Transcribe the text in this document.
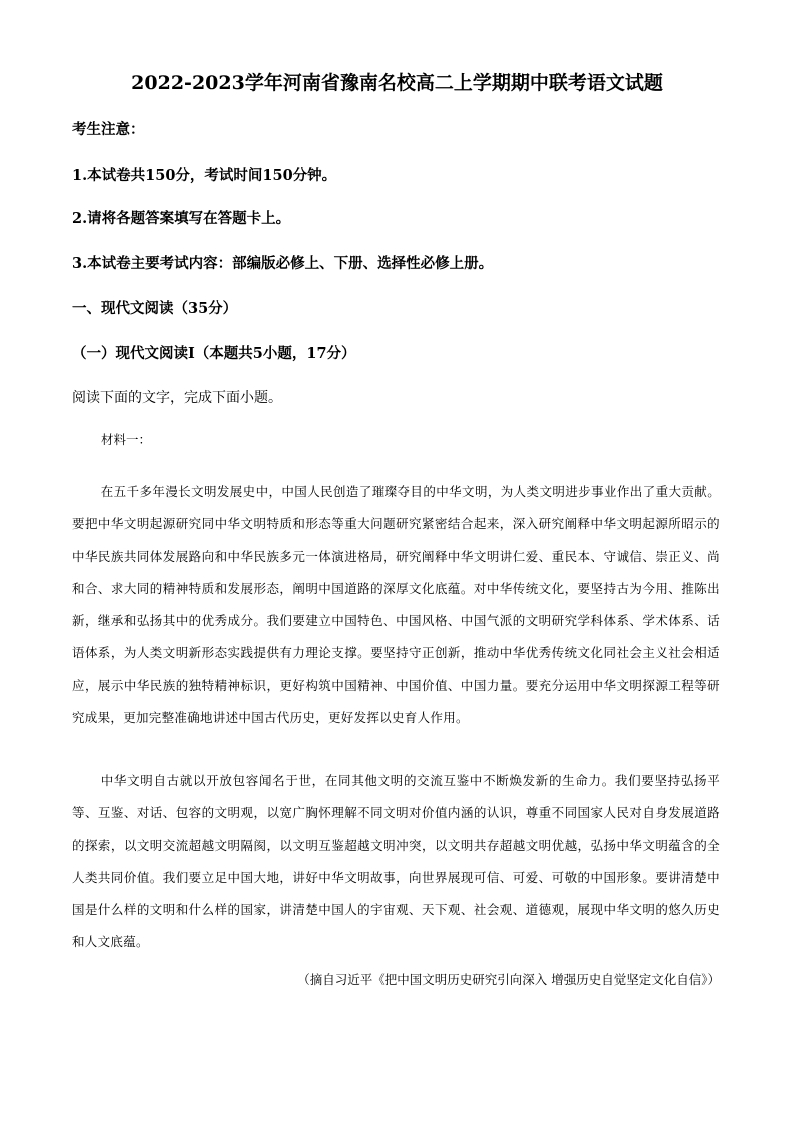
2022-2023学年河南省豫南名校高二上学期期中联考语文试题
考生注意：
1.本试卷共150分，考试时间150分钟。
2.请将各题答案填写在答题卡上。
3.本试卷主要考试内容：部编版必修上、下册、选择性必修上册。
一、现代文阅读（35分）
（一）现代文阅读Ⅰ（本题共5小题，17分）
阅读下面的文字，完成下面小题。
材料一：
在五千多年漫长文明发展史中，中国人民创造了璀璨夺目的中华文明，为人类文明进步事业作出了重大贡献。要把中华文明起源研究同中华文明特质和形态等重大问题研究紧密结合起来，深入研究阐释中华文明起源所昭示的中华民族共同体发展路向和中华民族多元一体演进格局，研究阐释中华文明讲仁爱、重民本、守诚信、崇正义、尚和合、求大同的精神特质和发展形态，阐明中国道路的深厚文化底蕴。对中华传统文化，要坚持古为今用、推陈出新，继承和弘扬其中的优秀成分。我们要建立中国特色、中国风格、中国气派的文明研究学科体系、学术体系、话语体系，为人类文明新形态实践提供有力理论支撑。要坚持守正创新，推动中华优秀传统文化同社会主义社会相适应，展示中华民族的独特精神标识，更好构筑中国精神、中国价值、中国力量。要充分运用中华文明探源工程等研究成果，更加完整准确地讲述中国古代历史，更好发挥以史育人作用。
中华文明自古就以开放包容闻名于世，在同其他文明的交流互鉴中不断焕发新的生命力。我们要坚持弘扬平等、互鉴、对话、包容的文明观，以宽广胸怀理解不同文明对价值内涵的认识，尊重不同国家人民对自身发展道路的探索，以文明交流超越文明隔阂，以文明互鉴超越文明冲突，以文明共存超越文明优越，弘扬中华文明蕴含的全人类共同价值。我们要立足中国大地，讲好中华文明故事，向世界展现可信、可爱、可敬的中国形象。要讲清楚中国是什么样的文明和什么样的国家，讲清楚中国人的宇宙观、天下观、社会观、道德观，展现中华文明的悠久历史和人文底蕴。
（摘自习近平《把中国文明历史研究引向深入 增强历史自觉坚定文化自信》）
